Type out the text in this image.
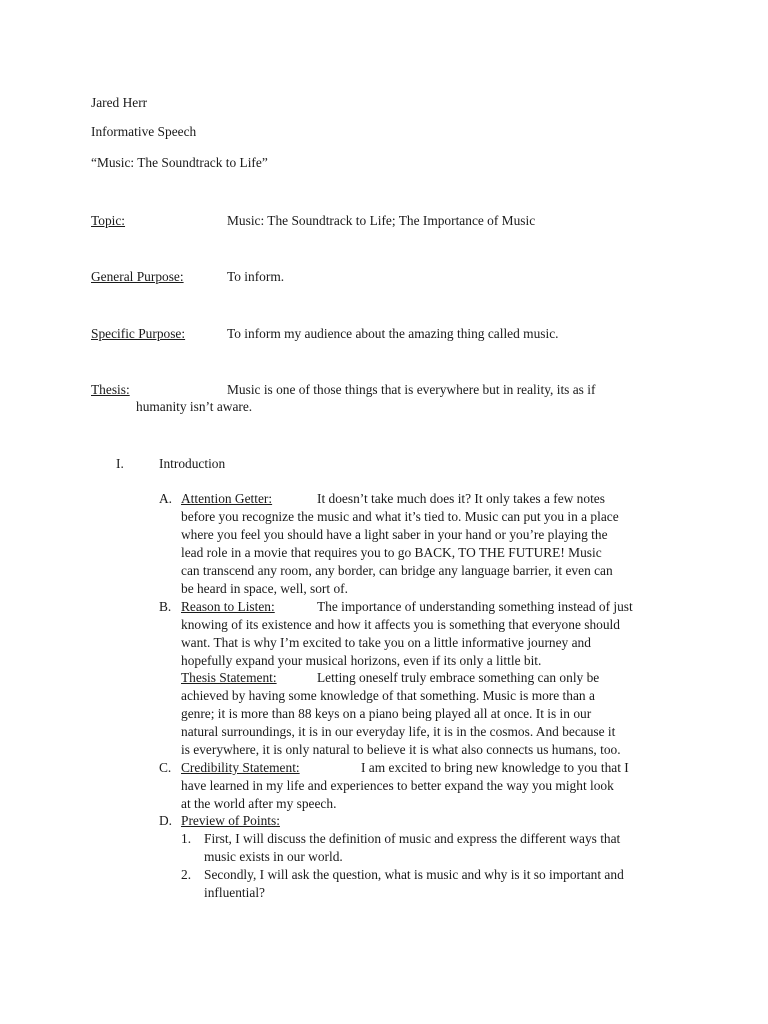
Jared Herr
Informative Speech
“Music: The Soundtrack to Life”
Topic:	Music: The Soundtrack to Life; The Importance of Music
General Purpose:	To inform.
Specific Purpose:	To inform my audience about the amazing thing called music.
Thesis:	Music is one of those things that is everywhere but in reality, its as if
humanity isn’t aware.
I.	Introduction
A. Attention Getter:	It doesn’t take much does it? It only takes a few notes
before you recognize the music and what it’s tied to. Music can put you in a place
where you feel you should have a light saber in your hand or you’re playing the
lead role in a movie that requires you to go BACK, TO THE FUTURE! Music
can transcend any room, any border, can bridge any language barrier, it even can
be heard in space, well, sort of.
B. Reason to Listen:	The importance of understanding something instead of just
knowing of its existence and how it affects you is something that everyone should
want. That is why I’m excited to take you on a little informative journey and
hopefully expand your musical horizons, even if its only a little bit.
Thesis Statement:	Letting oneself truly embrace something can only be
achieved by having some knowledge of that something. Music is more than a
genre; it is more than 88 keys on a piano being played all at once. It is in our
natural surroundings, it is in our everyday life, it is in the cosmos. And because it
is everywhere, it is only natural to believe it is what also connects us humans, too.
C. Credibility Statement:	I am excited to bring new knowledge to you that I
have learned in my life and experiences to better expand the way you might look
at the world after my speech.
D. Preview of Points:
1. First, I will discuss the definition of music and express the different ways that
music exists in our world.
2. Secondly, I will ask the question, what is music and why is it so important and
influential?
